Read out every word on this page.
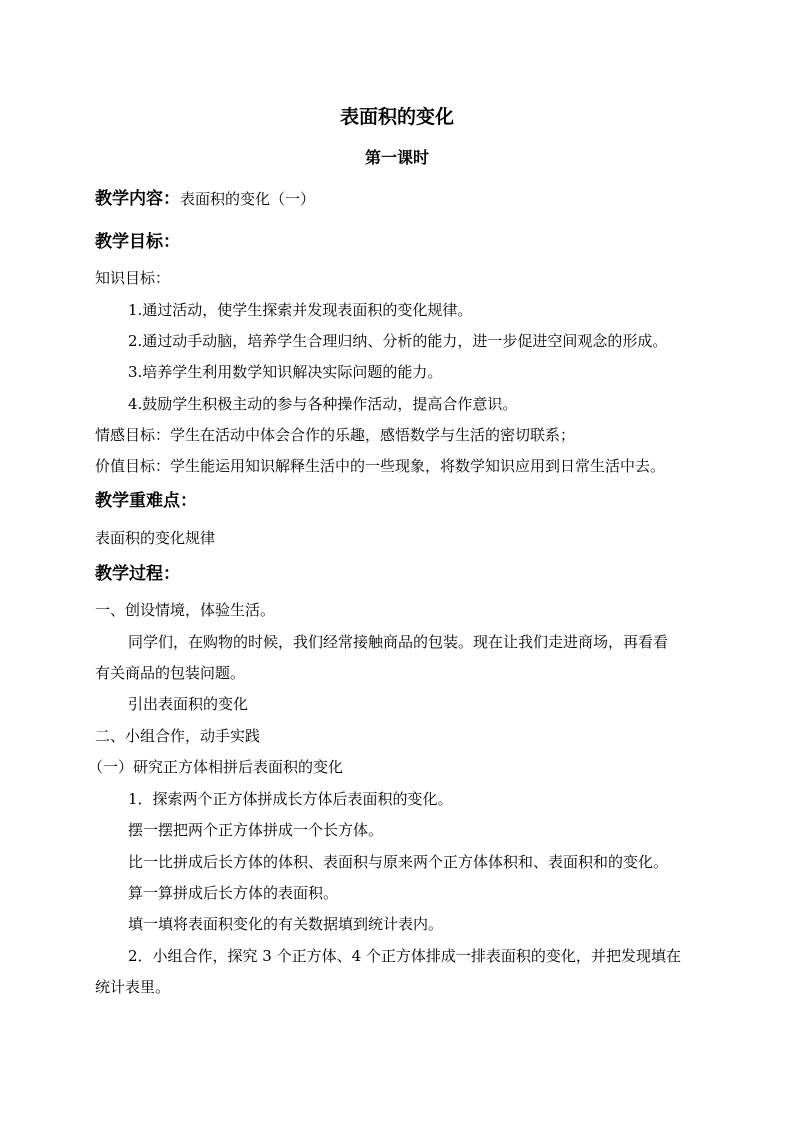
表面积的变化
第一课时
教学内容：表面积的变化（一）
教学目标：
知识目标：
1.通过活动，使学生探索并发现表面积的变化规律。
2.通过动手动脑，培养学生合理归纳、分析的能力，进一步促进空间观念的形成。
3.培养学生利用数学知识解决实际问题的能力。
4.鼓励学生积极主动的参与各种操作活动，提高合作意识。
情感目标：学生在活动中体会合作的乐趣，感悟数学与生活的密切联系；
价值目标：学生能运用知识解释生活中的一些现象，将数学知识应用到日常生活中去。
教学重难点：
表面积的变化规律
教学过程：
一、创设情境，体验生活。
同学们，在购物的时候，我们经常接触商品的包装。现在让我们走进商场，再看看
有关商品的包装问题。
引出表面积的变化
二、小组合作，动手实践
（一）研究正方体相拼后表面积的变化
1．探索两个正方体拼成长方体后表面积的变化。
摆一摆把两个正方体拼成一个长方体。
比一比拼成后长方体的体积、表面积与原来两个正方体体积和、表面积和的变化。
算一算拼成后长方体的表面积。
填一填将表面积变化的有关数据填到统计表内。
2．小组合作，探究 3 个正方体、4 个正方体排成一排表面积的变化，并把发现填在
统计表里。
